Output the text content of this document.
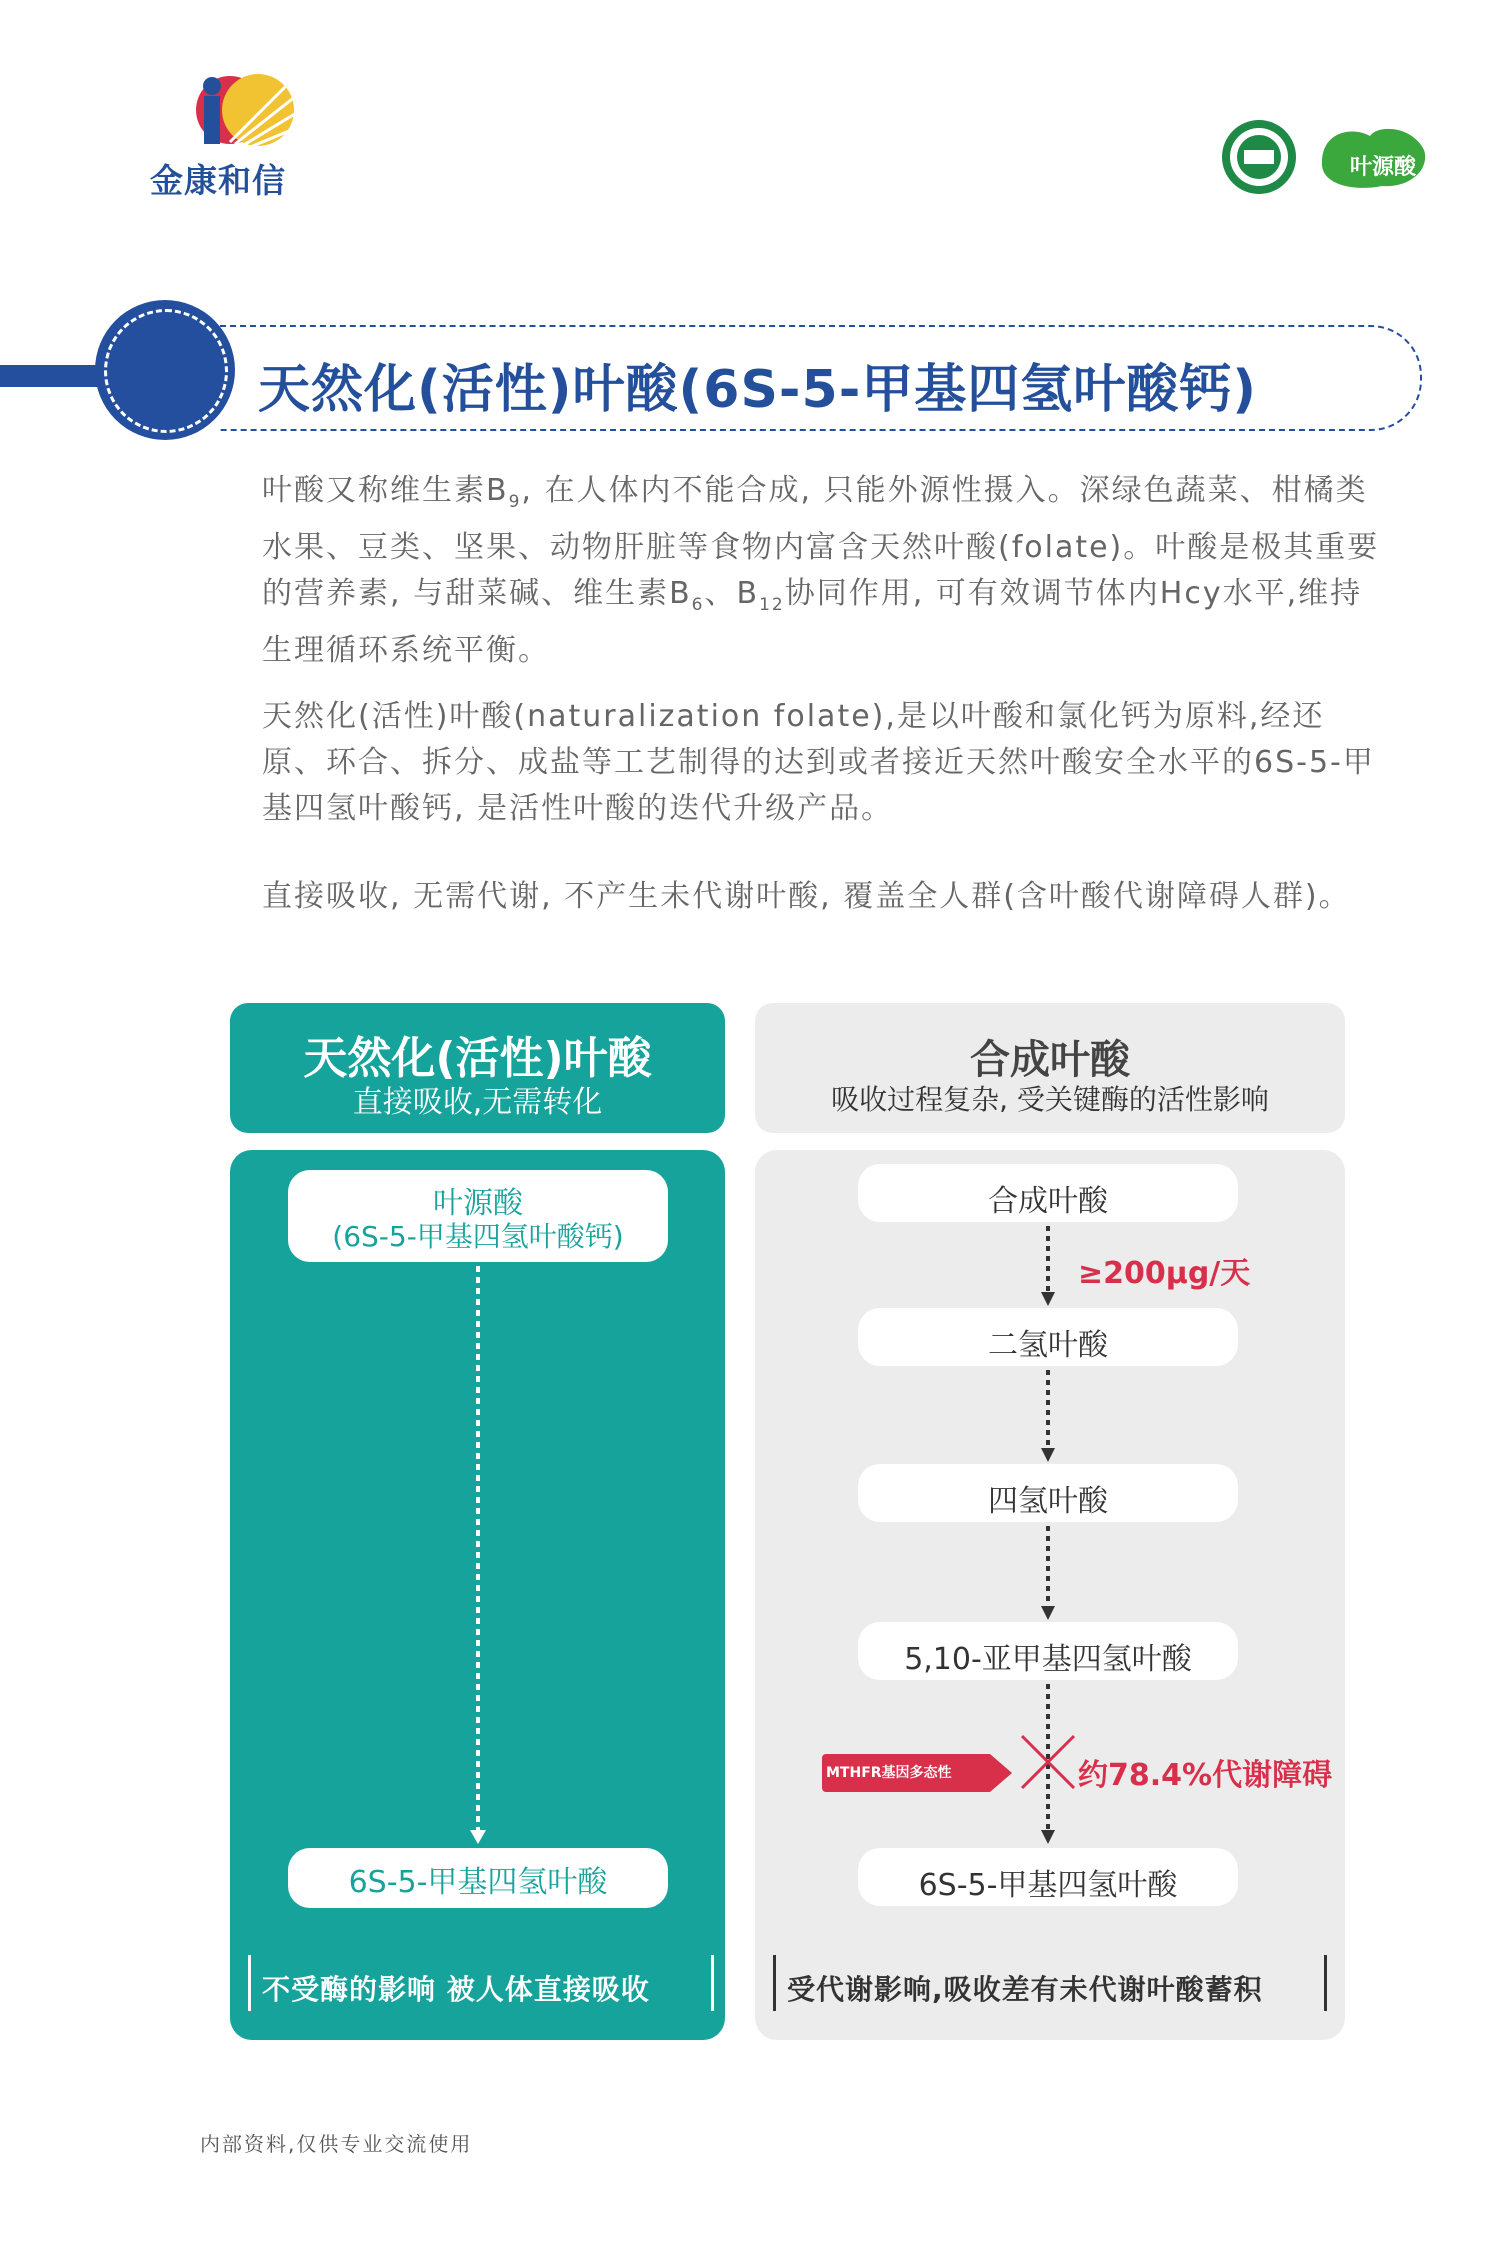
金康和信	叶源酸
天然化(活性)叶酸(6S-5-甲基四氢叶酸钙)
叶酸又称维生素$B_9$, 在人体内不能合成, 只能外源性摄入。深绿色蔬菜、柑橘类水果、豆类、坚果、动物肝脏等食物内富含天然叶酸(folate)。叶酸是极其重要的营养素, 与甜菜碱、维生素$B_6$、$B_{12}$协同作用, 可有效调节体内Hcy水平,维持生理循环系统平衡。
天然化(活性)叶酸(naturalization folate),是以叶酸和氯化钙为原料,经还原、环合、拆分、成盐等工艺制得的达到或者接近天然叶酸安全水平的6S-5-甲基四氢叶酸钙, 是活性叶酸的迭代升级产品。
直接吸收, 无需代谢, 不产生未代谢叶酸, 覆盖全人群(含叶酸代谢障碍人群)。
天然化(活性)叶酸
直接吸收,无需转化
叶源酸
(6S-5-甲基四氢叶酸钙)
6S-5-甲基四氢叶酸
不受酶的影响 被人体直接吸收
合成叶酸
吸收过程复杂, 受关键酶的活性影响
合成叶酸
二氢叶酸
四氢叶酸
5,10-亚甲基四氢叶酸
6S-5-甲基四氢叶酸
≥200μg/天
MTHFR基因多态性	约78.4%代谢障碍
受代谢影响,吸收差有未代谢叶酸蓄积
内部资料,仅供专业交流使用
